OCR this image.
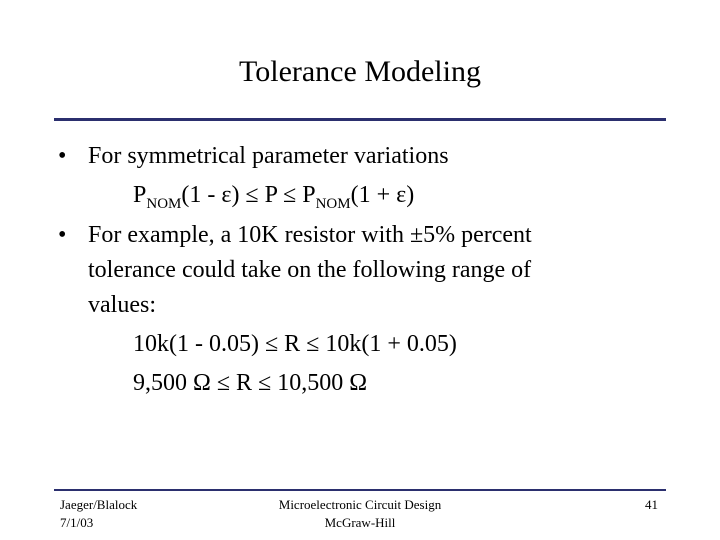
Tolerance Modeling
• For symmetrical parameter variations
$P_{NOM}(1 - \varepsilon) \le P \le P_{NOM}(1 + \varepsilon)$
• For example, a 10K resistor with ±5% percent
tolerance could take on the following range of
values:
10k(1 - 0.05) ≤ R ≤ 10k(1 + 0.05)
9,500 Ω ≤ R ≤ 10,500 Ω
Jaeger/Blalock
7/1/03
Microelectronic Circuit Design
McGraw-Hill
41
